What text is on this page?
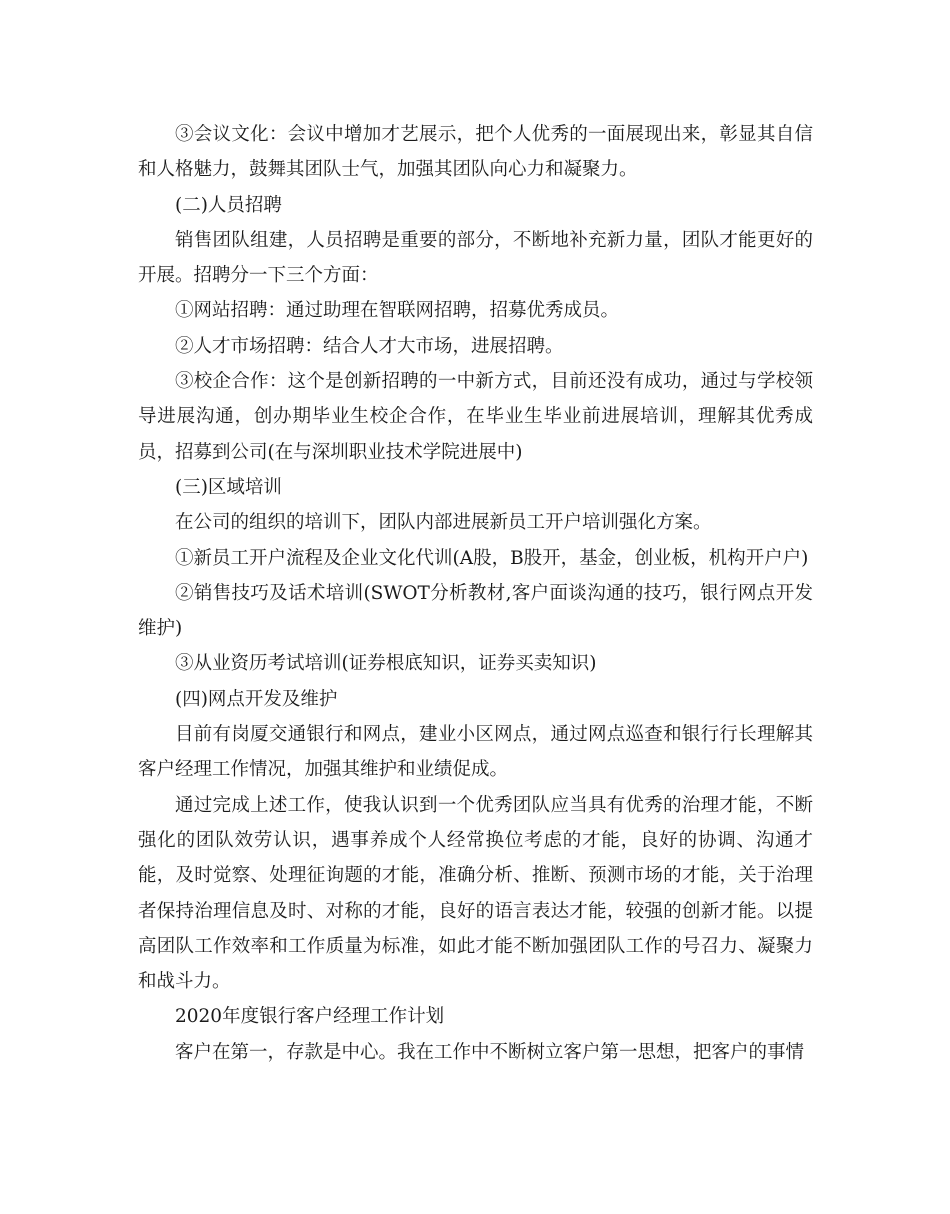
③会议文化：会议中增加才艺展示，把个人优秀的一面展现出来，彰显其自信和人格魅力，鼓舞其团队士气，加强其团队向心力和凝聚力。

(二)人员招聘

销售团队组建，人员招聘是重要的部分，不断地补充新力量，团队才能更好的开展。招聘分一下三个方面：

①网站招聘：通过助理在智联网招聘，招募优秀成员。

②人才市场招聘：结合人才大市场，进展招聘。

③校企合作：这个是创新招聘的一中新方式，目前还没有成功，通过与学校领导进展沟通，创办期毕业生校企合作，在毕业生毕业前进展培训，理解其优秀成员，招募到公司(在与深圳职业技术学院进展中)

(三)区域培训

在公司的组织的培训下，团队内部进展新员工开户培训强化方案。

①新员工开户流程及企业文化代训(A股，B股开，基金，创业板，机构开户户)

②销售技巧及话术培训(SWOT分析教材,客户面谈沟通的技巧，银行网点开发维护)

③从业资历考试培训(证券根底知识，证券买卖知识)

(四)网点开发及维护

目前有岗厦交通银行和网点，建业小区网点，通过网点巡查和银行行长理解其客户经理工作情况，加强其维护和业绩促成。

通过完成上述工作，使我认识到一个优秀团队应当具有优秀的治理才能，不断强化的团队效劳认识，遇事养成个人经常换位考虑的才能，良好的协调、沟通才能，及时觉察、处理征询题的才能，准确分析、推断、预测市场的才能，关于治理者保持治理信息及时、对称的才能，良好的语言表达才能，较强的创新才能。以提高团队工作效率和工作质量为标准，如此才能不断加强团队工作的号召力、凝聚力和战斗力。

2020年度银行客户经理工作计划

客户在第一，存款是中心。我在工作中不断树立客户第一思想，把客户的事情
